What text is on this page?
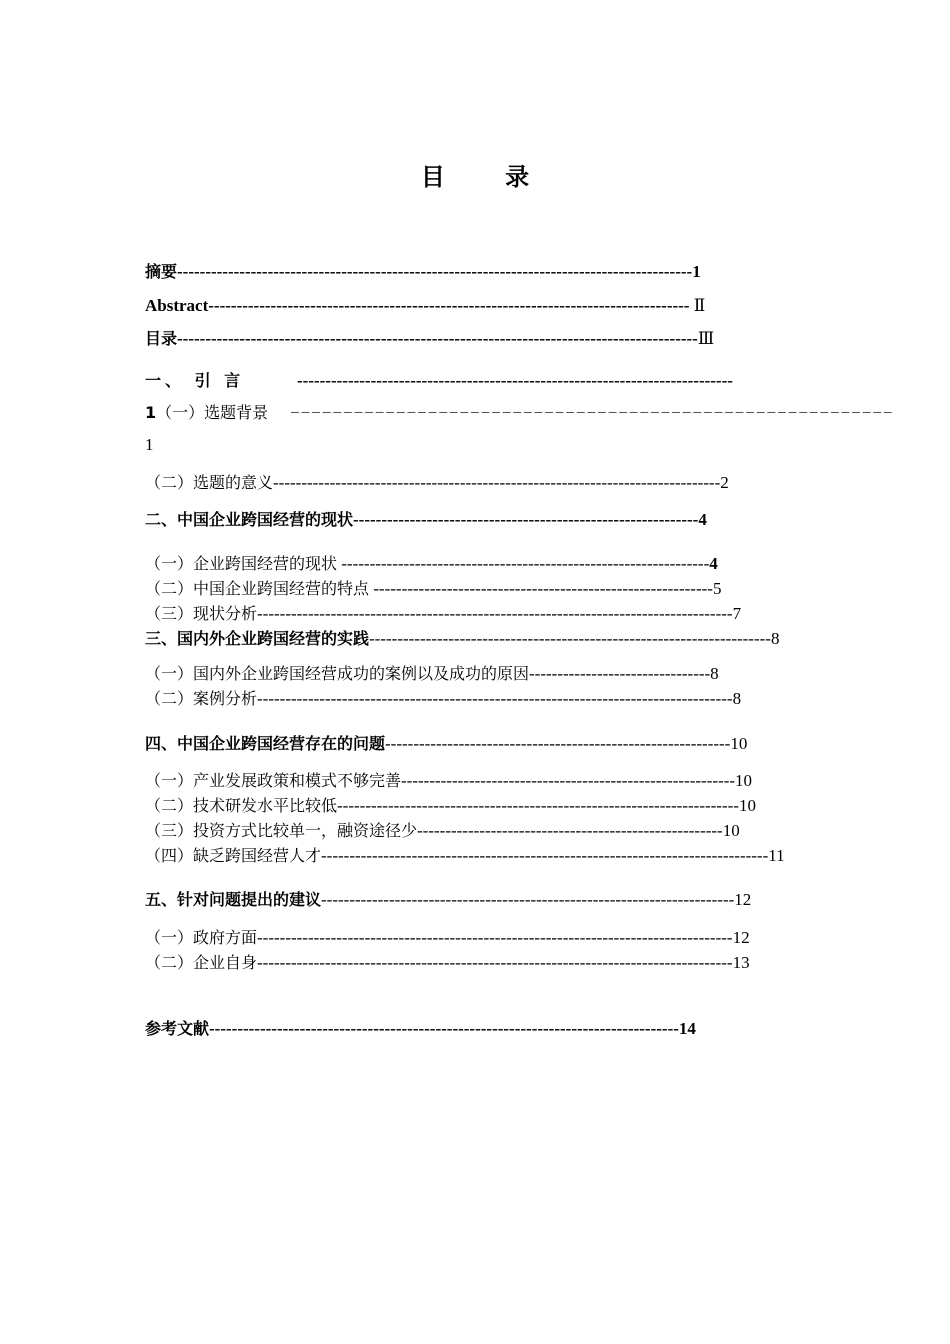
目 录
摘要-------------------------------------------------------------------------------------------1
Abstract------------------------------------------------------------------------------------- Ⅱ
目录--------------------------------------------------------------------------------------------Ⅲ
一、 引 言	-----------------------------------------------------------------------------
1（一）选题背景 −−−−−−−−−−−−−−−−−−−−−−−−−−−−−−−−−−−−−−−−−−−−−−−−−−−−−−−−−
1
（二）选题的意义-------------------------------------------------------------------------------2
二、中国企业跨国经营的现状-------------------------------------------------------------4
（一）企业跨国经营的现状 -----------------------------------------------------------------4
（二）中国企业跨国经营的特点 ------------------------------------------------------------5
（三）现状分析------------------------------------------------------------------------------------7
三、国内外企业跨国经营的实践-----------------------------------------------------------------------8
（一）国内外企业跨国经营成功的案例以及成功的原因--------------------------------8
（二）案例分析------------------------------------------------------------------------------------8
四、中国企业跨国经营存在的问题-------------------------------------------------------------10
（一）产业发展政策和模式不够完善-----------------------------------------------------------10
（二）技术研发水平比较低-----------------------------------------------------------------------10
（三）投资方式比较单一，融资途径少------------------------------------------------------10
（四）缺乏跨国经营人才-------------------------------------------------------------------------------11
五、针对问题提出的建议-------------------------------------------------------------------------12
（一）政府方面------------------------------------------------------------------------------------12
（二）企业自身------------------------------------------------------------------------------------13
参考文献-----------------------------------------------------------------------------------14
